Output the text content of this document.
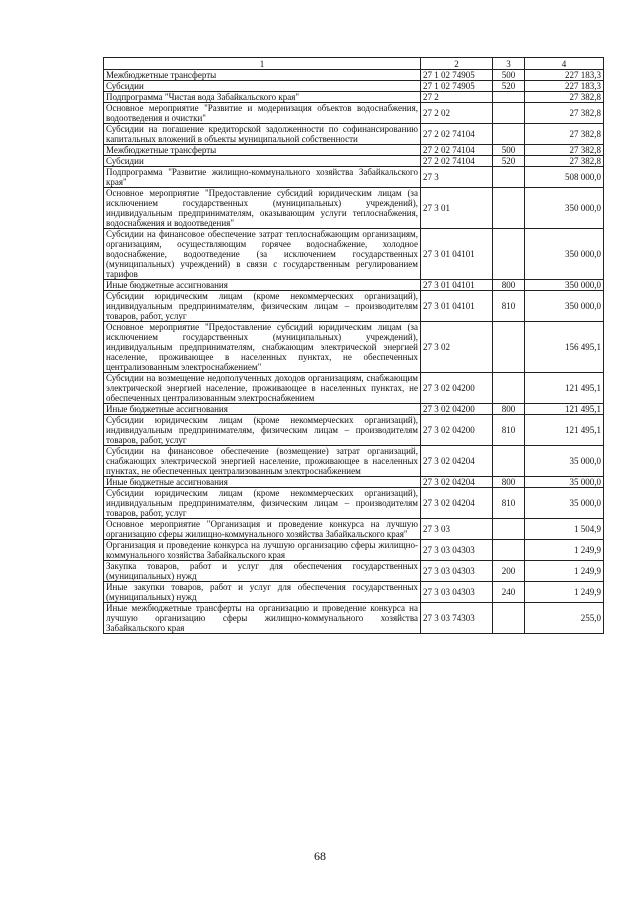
1	2	3	4
Межбюджетные трансферты	27 1 02 74905	500	227 183,3
Субсидии	27 1 02 74905	520	227 183,3
Подпрограмма "Чистая вода Забайкальского края"	27 2		27 382,8
Основное мероприятие "Развитие и модернизация объектов водоснабжения, водоотведения и очистки"	27 2 02		27 382,8
Субсидии на погашение кредиторской задолженности по софинансированию капитальных вложений в объекты муниципальной собственности	27 2 02 74104		27 382,8
Межбюджетные трансферты	27 2 02 74104	500	27 382,8
Субсидии	27 2 02 74104	520	27 382,8
Подпрограмма "Развитие жилищно-коммунального хозяйства Забайкальского края"	27 3		508 000,0
Основное мероприятие "Предоставление субсидий юридическим лицам (за исключением государственных (муниципальных) учреждений), индивидуальным предпринимателям, оказывающим услуги теплоснабжения, водоснабжения и водоотведения"	27 3 01		350 000,0
Субсидии на финансовое обеспечение затрат теплоснабжающим организациям, организациям, осуществляющим горячее водоснабжение, холодное водоснабжение, водоотведение (за исключением государственных (муниципальных) учреждений) в связи с государственным регулированием тарифов	27 3 01 04101		350 000,0
Иные бюджетные ассигнования	27 3 01 04101	800	350 000,0
Субсидии юридическим лицам (кроме некоммерческих организаций), индивидуальным предпринимателям, физическим лицам – производителям товаров, работ, услуг	27 3 01 04101	810	350 000,0
Основное мероприятие "Предоставление субсидий юридическим лицам (за исключением государственных (муниципальных) учреждений), индивидуальным предпринимателям, снабжающим электрической энергией население, проживающее в населенных пунктах, не обеспеченных централизованным электроснабжением"	27 3 02		156 495,1
Субсидии на возмещение недополученных доходов организациям, снабжающим электрической энергией население, проживающее в населенных пунктах, не обеспеченных централизованным электроснабжением	27 3 02 04200		121 495,1
Иные бюджетные ассигнования	27 3 02 04200	800	121 495,1
Субсидии юридическим лицам (кроме некоммерческих организаций), индивидуальным предпринимателям, физическим лицам – производителям товаров, работ, услуг	27 3 02 04200	810	121 495,1
Субсидии на финансовое обеспечение (возмещение) затрат организаций, снабжающих электрической энергией население, проживающее в населенных пунктах, не обеспеченных централизованным электроснабжением	27 3 02 04204		35 000,0
Иные бюджетные ассигнования	27 3 02 04204	800	35 000,0
Субсидии юридическим лицам (кроме некоммерческих организаций), индивидуальным предпринимателям, физическим лицам – производителям товаров, работ, услуг	27 3 02 04204	810	35 000,0
Основное мероприятие "Организация и проведение конкурса на лучшую организацию сферы жилищно-коммунального хозяйства Забайкальского края"	27 3 03		1 504,9
Организация и проведение конкурса на лучшую организацию сферы жилищно-коммунального хозяйства Забайкальского края	27 3 03 04303		1 249,9
Закупка товаров, работ и услуг для обеспечения государственных (муниципальных) нужд	27 3 03 04303	200	1 249,9
Иные закупки товаров, работ и услуг для обеспечения государственных (муниципальных) нужд	27 3 03 04303	240	1 249,9
Иные межбюджетные трансферты на организацию и проведение конкурса на лучшую организацию сферы жилищно-коммунального хозяйства Забайкальского края	27 3 03 74303		255,0
68
